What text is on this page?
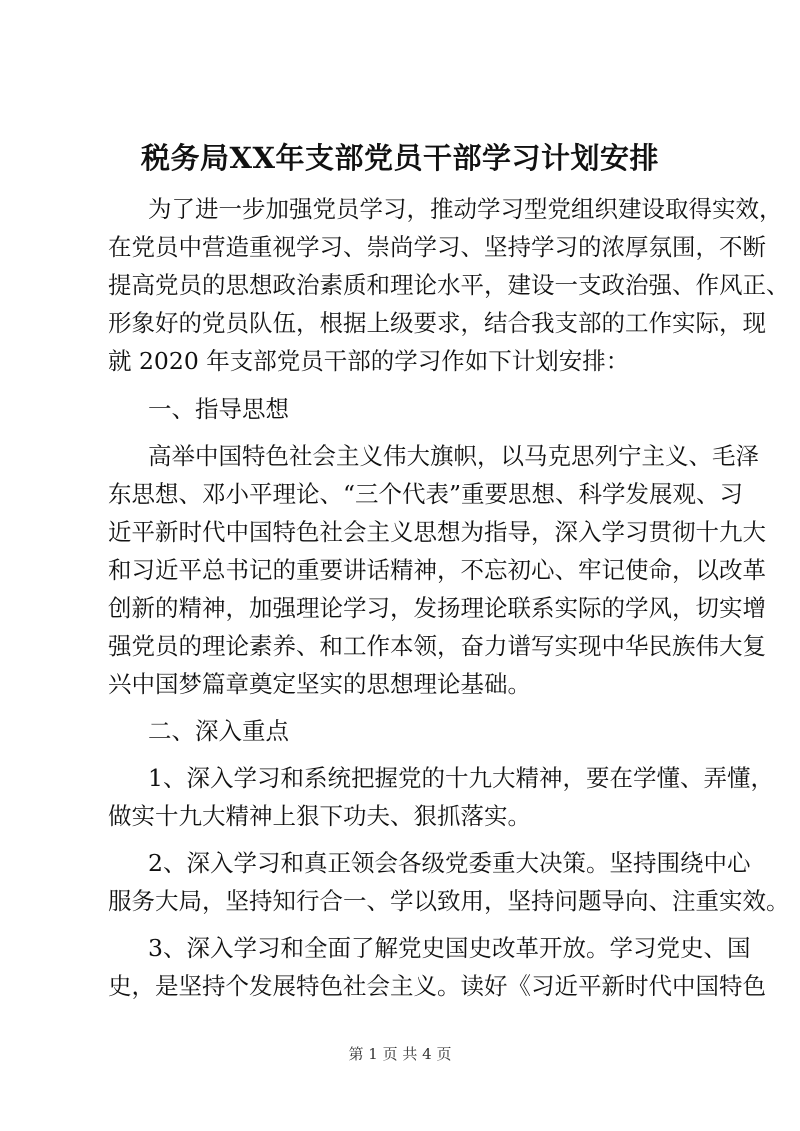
税务局XX年支部党员干部学习计划安排
为了进一步加强党员学习，推动学习型党组织建设取得实效，
在党员中营造重视学习、崇尚学习、坚持学习的浓厚氛围，不断
提高党员的思想政治素质和理论水平，建设一支政治强、作风正、
形象好的党员队伍，根据上级要求，结合我支部的工作实际，现
就 2020 年支部党员干部的学习作如下计划安排：
一、指导思想
高举中国特色社会主义伟大旗帜，以马克思列宁主义、毛泽
东思想、邓小平理论、“三个代表”重要思想、科学发展观、习
近平新时代中国特色社会主义思想为指导，深入学习贯彻十九大
和习近平总书记的重要讲话精神，不忘初心、牢记使命，以改革
创新的精神，加强理论学习，发扬理论联系实际的学风，切实增
强党员的理论素养、和工作本领，奋力谱写实现中华民族伟大复
兴中国梦篇章奠定坚实的思想理论基础。
二、深入重点
1、深入学习和系统把握党的十九大精神，要在学懂、弄懂，
做实十九大精神上狠下功夫、狠抓落实。
2、深入学习和真正领会各级党委重大决策。坚持围绕中心
服务大局，坚持知行合一、学以致用，坚持问题导向、注重实效。
3、深入学习和全面了解党史国史改革开放。学习党史、国
史，是坚持个发展特色社会主义。读好《习近平新时代中国特色
第 1 页 共 4 页
